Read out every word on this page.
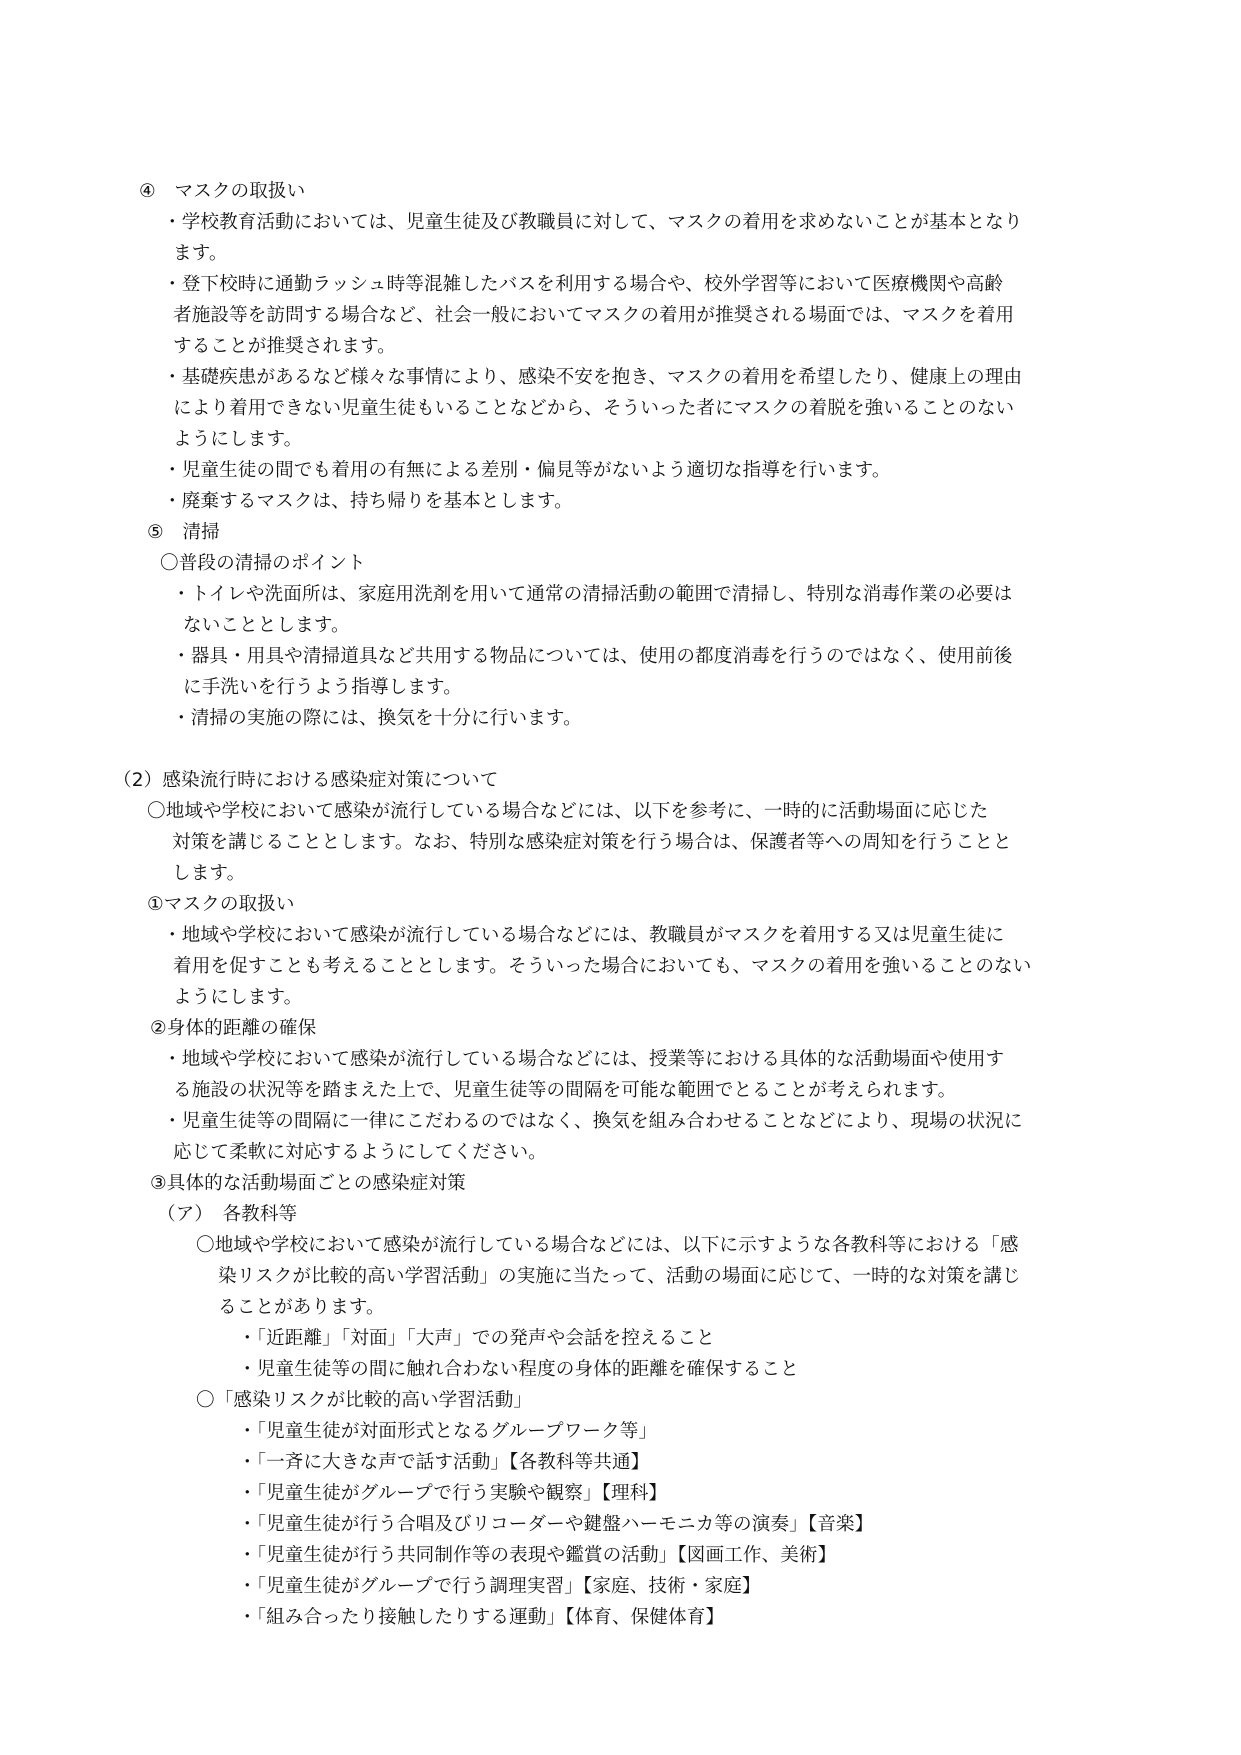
④　マスクの取扱い
・学校教育活動においては、児童生徒及び教職員に対して、マスクの着用を求めないことが基本となり
ます。
・登下校時に通勤ラッシュ時等混雑したバスを利用する場合や、校外学習等において医療機関や高齢
者施設等を訪問する場合など、社会一般においてマスクの着用が推奨される場面では、マスクを着用
することが推奨されます。
・基礎疾患があるなど様々な事情により、感染不安を抱き、マスクの着用を希望したり、健康上の理由
により着用できない児童生徒もいることなどから、そういった者にマスクの着脱を強いることのない
ようにします。
・児童生徒の間でも着用の有無による差別・偏見等がないよう適切な指導を行います。
・廃棄するマスクは、持ち帰りを基本とします。
⑤　清掃
〇普段の清掃のポイント
・トイレや洗面所は、家庭用洗剤を用いて通常の清掃活動の範囲で清掃し、特別な消毒作業の必要は
ないこととします。
・器具・用具や清掃道具など共用する物品については、使用の都度消毒を行うのではなく、使用前後
に手洗いを行うよう指導します。
・清掃の実施の際には、換気を十分に行います。
（2）感染流行時における感染症対策について
〇地域や学校において感染が流行している場合などには、以下を参考に、一時的に活動場面に応じた
対策を講じることとします。なお、特別な感染症対策を行う場合は、保護者等への周知を行うことと
します。
①マスクの取扱い
・地域や学校において感染が流行している場合などには、教職員がマスクを着用する又は児童生徒に
着用を促すことも考えることとします。そういった場合においても、マスクの着用を強いることのない
ようにします。
②身体的距離の確保
・地域や学校において感染が流行している場合などには、授業等における具体的な活動場面や使用す
る施設の状況等を踏まえた上で、児童生徒等の間隔を可能な範囲でとることが考えられます。
・児童生徒等の間隔に一律にこだわるのではなく、換気を組み合わせることなどにより、現場の状況に
応じて柔軟に対応するようにしてください。
③具体的な活動場面ごとの感染症対策
（ア）　各教科等
〇地域や学校において感染が流行している場合などには、以下に示すような各教科等における「感
染リスクが比較的高い学習活動」の実施に当たって、活動の場面に応じて、一時的な対策を講じ
ることがあります。
・「近距離」「対面」「大声」での発声や会話を控えること
・児童生徒等の間に触れ合わない程度の身体的距離を確保すること
〇「感染リスクが比較的高い学習活動」
・「児童生徒が対面形式となるグループワーク等」
・「一斉に大きな声で話す活動」【各教科等共通】
・「児童生徒がグループで行う実験や観察」【理科】
・「児童生徒が行う合唱及びリコーダーや鍵盤ハーモニカ等の演奏」【音楽】
・「児童生徒が行う共同制作等の表現や鑑賞の活動」【図画工作、美術】
・「児童生徒がグループで行う調理実習」【家庭、技術・家庭】
・「組み合ったり接触したりする運動」【体育、保健体育】
